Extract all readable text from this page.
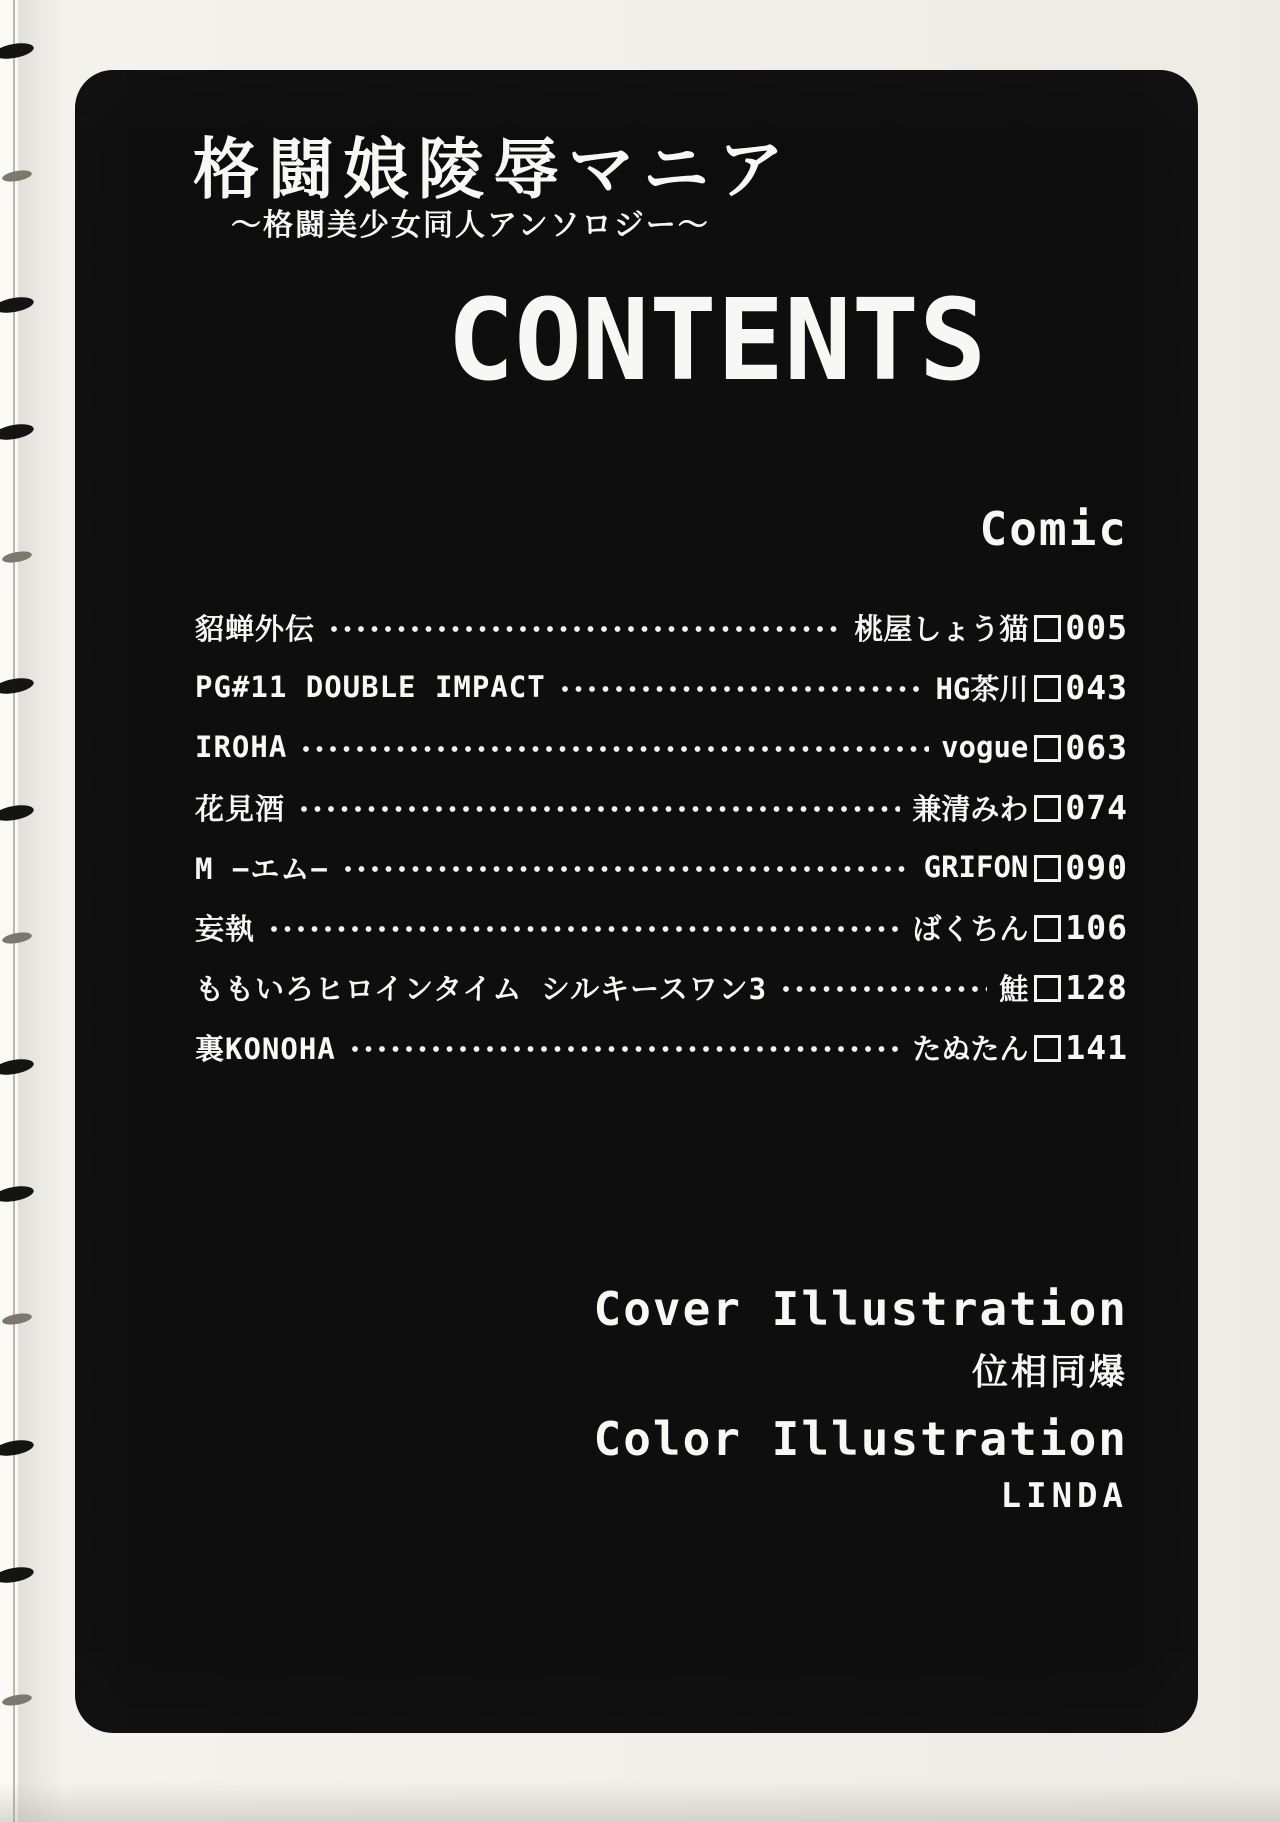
格闘娘陵辱マニア
～格闘美少女同人アンソロジー～
CONTENTS
Comic
貂蝉外伝	桃屋しょう猫 005
PG#11 DOUBLE IMPACT	HG茶川 043
IROHA	vogue 063
花見酒	兼清みわ 074
M −エム−	GRIFON 090
妄執	ばくちん 106
ももいろヒロインタイム シルキースワン3	鮭 128
裏KONOHA	たぬたん 141
Cover Illustration
位相同爆
Color Illustration
LINDA
